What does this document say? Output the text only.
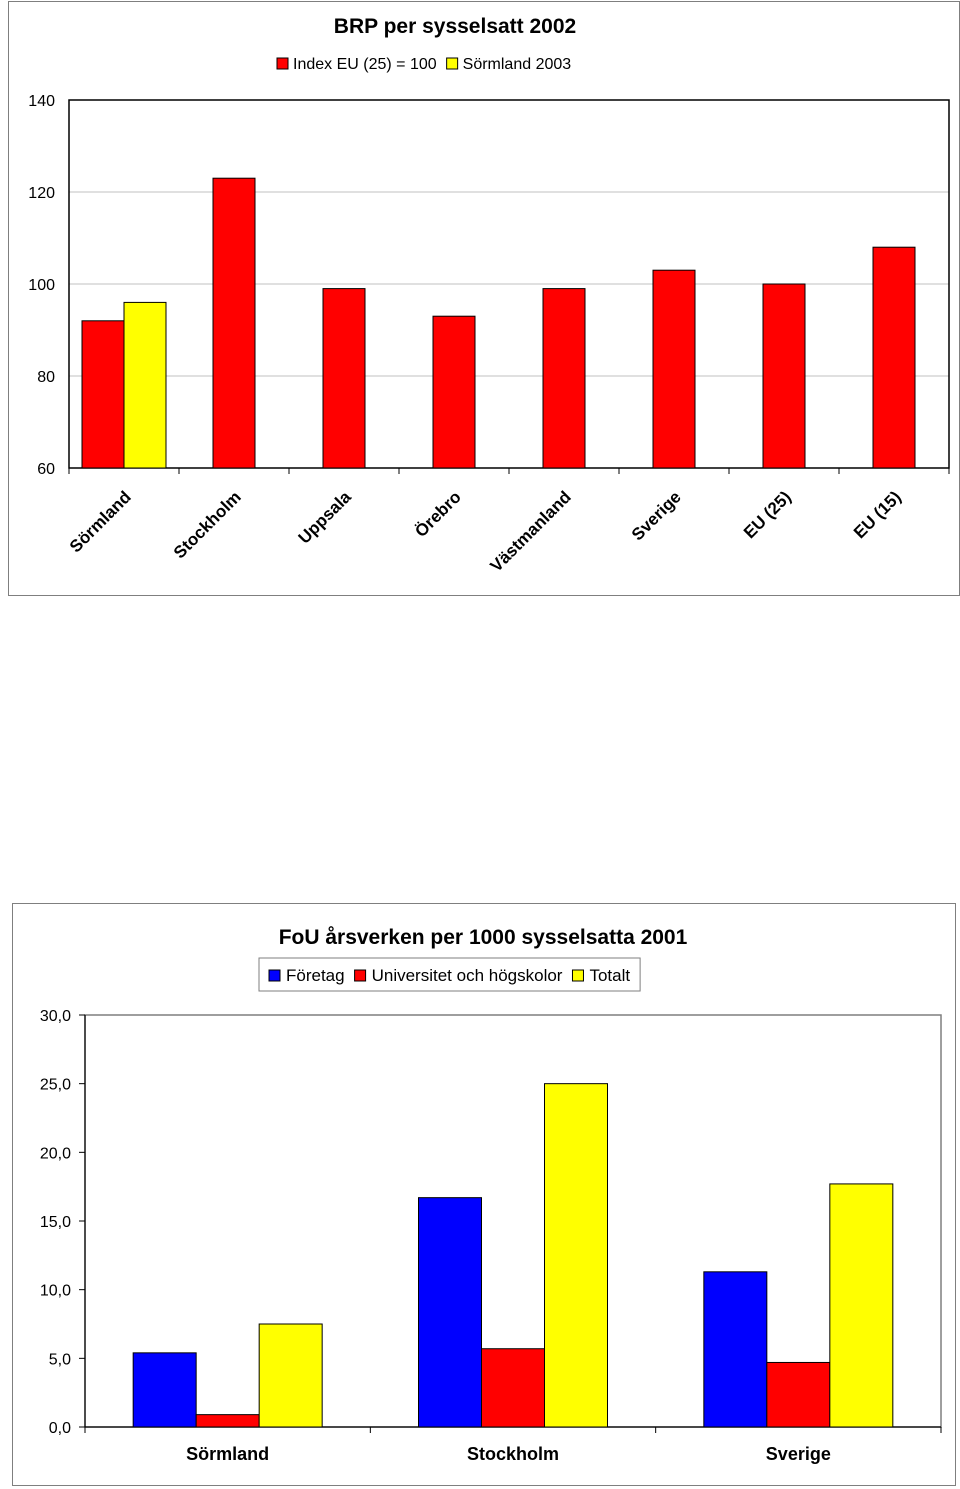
60
80
100
120
140
Sörmland Stockholm	Uppsala	Örebro Västmanland	Sverige	EU (25)	EU (15)
BRP per sysselsatt 2002
Index EU (25) = 100 Sörmland 2003

0,0
5,0
10,0
15,0
20,0
25,0
30,0
Sörmland	Stockholm	Sverige
FoU årsverken per 1000 sysselsatta 2001
Företag Universitet och högskolor Totalt
